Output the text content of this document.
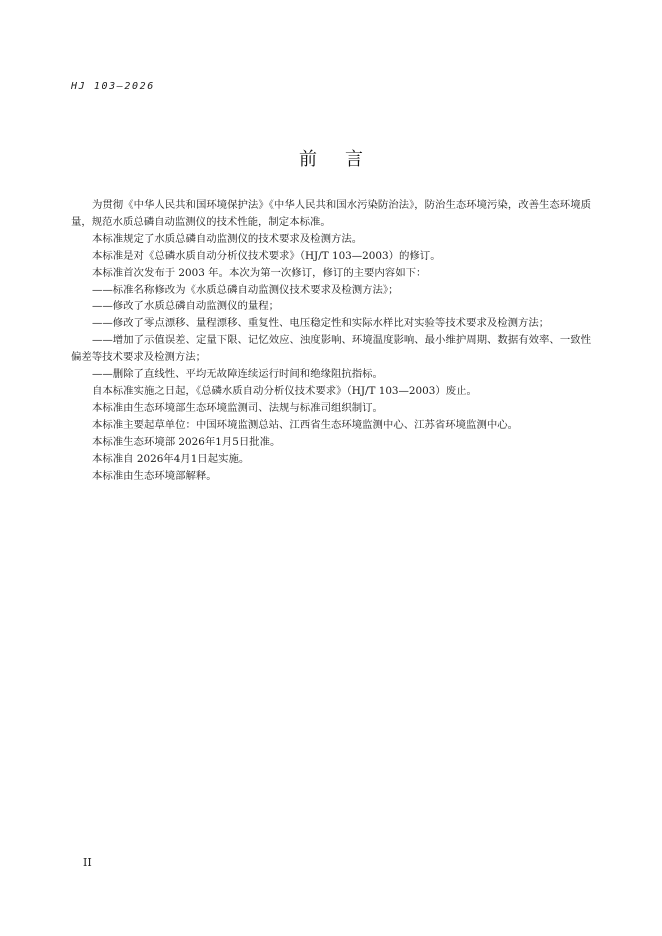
HJ 103—2026
前言

为贯彻《中华人民共和国环境保护法》《中华人民共和国水污染防治法》，防治生态环境污染，改善生态环境质量，规范水质总磷自动监测仪的技术性能，制定本标准。

本标准规定了水质总磷自动监测仪的技术要求及检测方法。

本标准是对《总磷水质自动分析仪技术要求》（HJ/T 103—2003）的修订。

本标准首次发布于 2003 年。本次为第一次修订，修订的主要内容如下：

——标准名称修改为《水质总磷自动监测仪技术要求及检测方法》；

——修改了水质总磷自动监测仪的量程；

——修改了零点漂移、量程漂移、重复性、电压稳定性和实际水样比对实验等技术要求及检测方法；

——增加了示值误差、定量下限、记忆效应、浊度影响、环境温度影响、最小维护周期、数据有效率、一致性偏差等技术要求及检测方法；

——删除了直线性、平均无故障连续运行时间和绝缘阻抗指标。

自本标准实施之日起，《总磷水质自动分析仪技术要求》（HJ/T 103—2003）废止。

本标准由生态环境部生态环境监测司、法规与标准司组织制订。

本标准主要起草单位：中国环境监测总站、江西省生态环境监测中心、江苏省环境监测中心。

本标准生态环境部 2026年1月5日批准。

本标准自 2026年4月1日起实施。

本标准由生态环境部解释。

II
